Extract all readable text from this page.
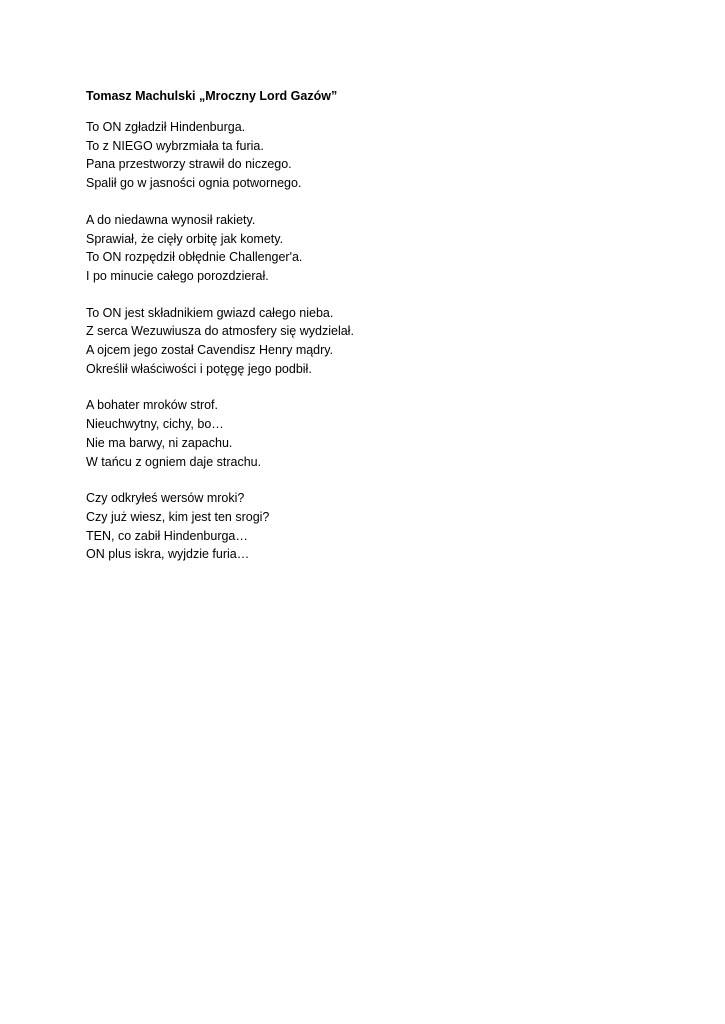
Tomasz Machulski „Mroczny Lord Gazów”
To ON zgładził Hindenburga.
To z NIEGO wybrzmiała ta furia.
Pana przestworzy strawił do niczego.
Spalił go w jasności ognia potwornego.
A do niedawna wynosił rakiety.
Sprawiał, że cięły orbitę jak komety.
To ON rozpędził obłędnie Challenger'a.
I po minucie całego porozdzierał.
To ON jest składnikiem gwiazd całego nieba.
Z serca Wezuwiusza do atmosfery się wydzielał.
A ojcem jego został Cavendisz Henry mądry.
Określił właściwości i potęgę jego podbił.
A bohater mroków strof.
Nieuchwytny, cichy, bo…
Nie ma barwy, ni zapachu.
W tańcu z ogniem daje strachu.
Czy odkryłeś wersów mroki?
Czy już wiesz, kim jest ten srogi?
TEN, co zabił Hindenburga…
ON plus iskra, wyjdzie furia…
